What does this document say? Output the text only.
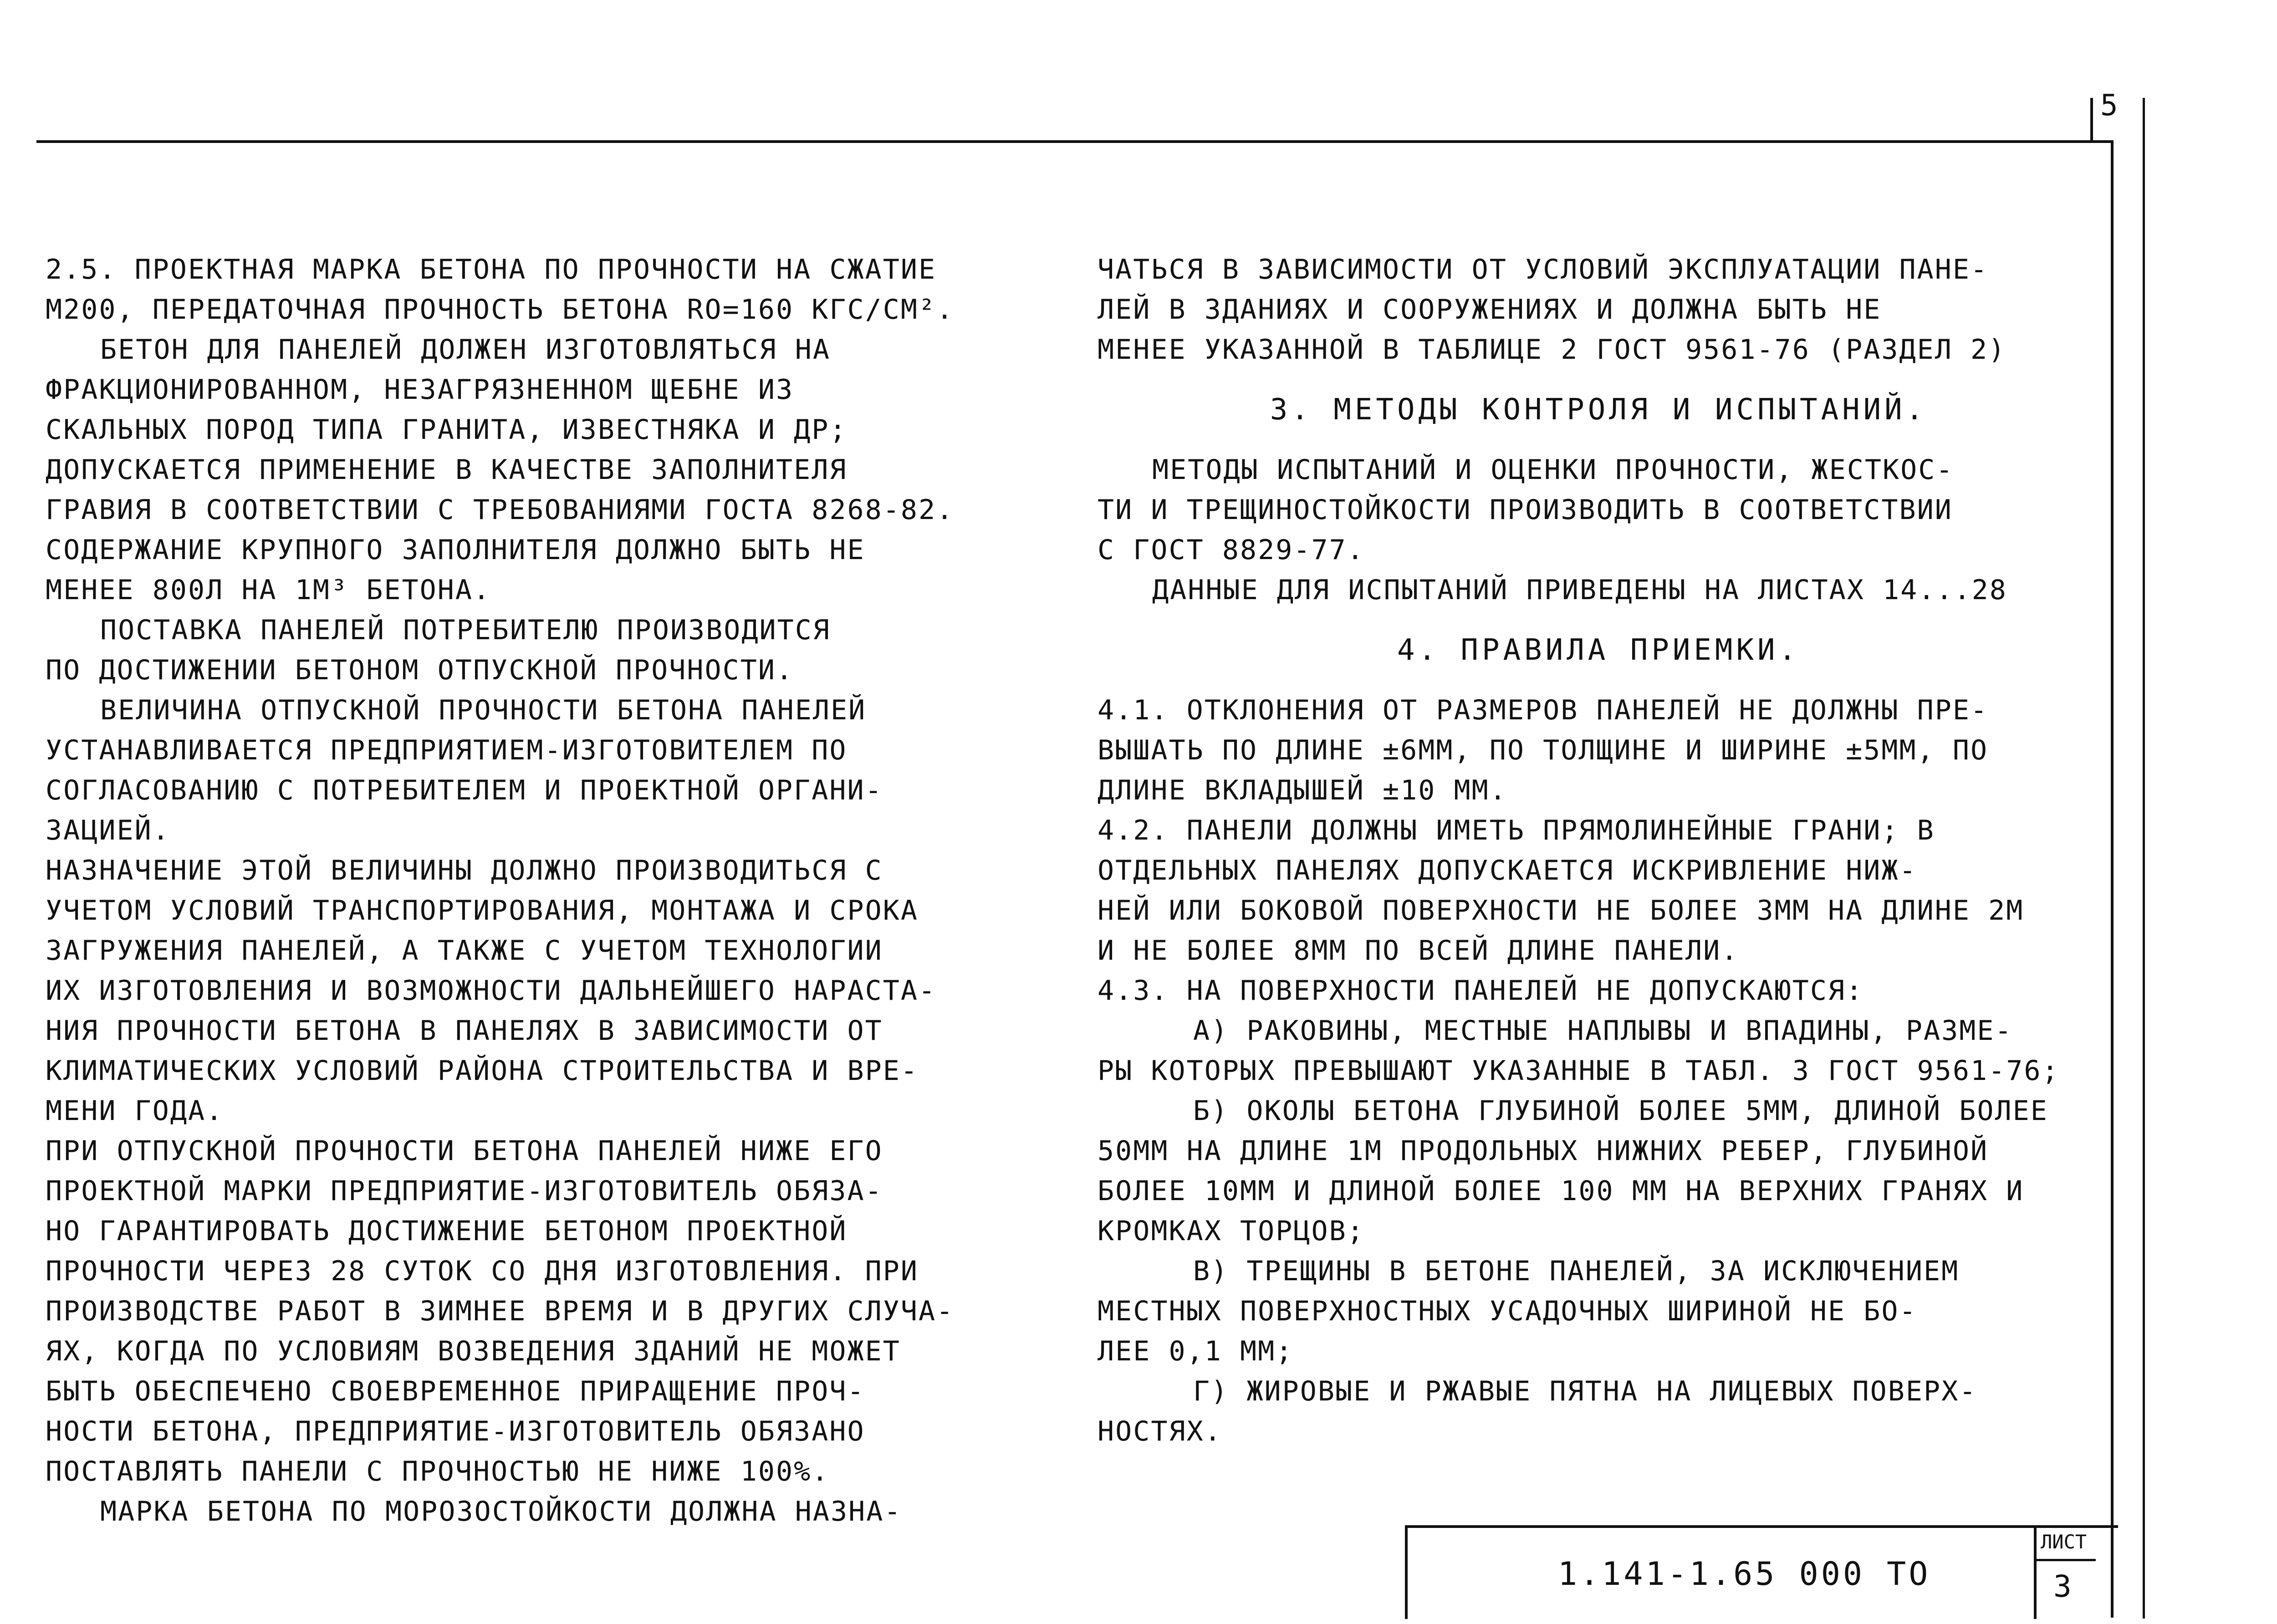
5

2.5. ПРОЕКТНАЯ МАРКА БЕТОНА ПО ПРОЧНОСТИ НА СЖАТИЕ

М200, ПЕРЕДАТОЧНАЯ ПРОЧНОСТЬ БЕТОНА RO=160 КГС/СМ².

БЕТОН ДЛЯ ПАНЕЛЕЙ ДОЛЖЕН ИЗГОТОВЛЯТЬСЯ НА

ФРАКЦИОНИРОВАННОМ, НЕЗАГРЯЗНЕННОМ ЩЕБНЕ ИЗ

СКАЛЬНЫХ ПОРОД ТИПА ГРАНИТА, ИЗВЕСТНЯКА И ДР;

ДОПУСКАЕТСЯ ПРИМЕНЕНИЕ В КАЧЕСТВЕ ЗАПОЛНИТЕЛЯ

ГРАВИЯ В СООТВЕТСТВИИ С ТРЕБОВАНИЯМИ ГОСТА 8268-82.

СОДЕРЖАНИЕ КРУПНОГО ЗАПОЛНИТЕЛЯ ДОЛЖНО БЫТЬ НЕ

МЕНЕЕ 800Л НА 1М³ БЕТОНА.

ПОСТАВКА ПАНЕЛЕЙ ПОТРЕБИТЕЛЮ ПРОИЗВОДИТСЯ

ПО ДОСТИЖЕНИИ БЕТОНОМ ОТПУСКНОЙ ПРОЧНОСТИ.

ВЕЛИЧИНА ОТПУСКНОЙ ПРОЧНОСТИ БЕТОНА ПАНЕЛЕЙ

УСТАНАВЛИВАЕТСЯ ПРЕДПРИЯТИЕМ-ИЗГОТОВИТЕЛЕМ ПО

СОГЛАСОВАНИЮ С ПОТРЕБИТЕЛЕМ И ПРОЕКТНОЙ ОРГАНИ-

ЗАЦИЕЙ.

НАЗНАЧЕНИЕ ЭТОЙ ВЕЛИЧИНЫ ДОЛЖНО ПРОИЗВОДИТЬСЯ С

УЧЕТОМ УСЛОВИЙ ТРАНСПОРТИРОВАНИЯ, МОНТАЖА И СРОКА

ЗАГРУЖЕНИЯ ПАНЕЛЕЙ, А ТАКЖЕ С УЧЕТОМ ТЕХНОЛОГИИ

ИХ ИЗГОТОВЛЕНИЯ И ВОЗМОЖНОСТИ ДАЛЬНЕЙШЕГО НАРАСТА-

НИЯ ПРОЧНОСТИ БЕТОНА В ПАНЕЛЯХ В ЗАВИСИМОСТИ ОТ

КЛИМАТИЧЕСКИХ УСЛОВИЙ РАЙОНА СТРОИТЕЛЬСТВА И ВРЕ-

МЕНИ ГОДА.

ПРИ ОТПУСКНОЙ ПРОЧНОСТИ БЕТОНА ПАНЕЛЕЙ НИЖЕ ЕГО

ПРОЕКТНОЙ МАРКИ ПРЕДПРИЯТИЕ-ИЗГОТОВИТЕЛЬ ОБЯЗА-

НО ГАРАНТИРОВАТЬ ДОСТИЖЕНИЕ БЕТОНОМ ПРОЕКТНОЙ

ПРОЧНОСТИ ЧЕРЕЗ 28 СУТОК СО ДНЯ ИЗГОТОВЛЕНИЯ. ПРИ

ПРОИЗВОДСТВЕ РАБОТ В ЗИМНЕЕ ВРЕМЯ И В ДРУГИХ СЛУЧА-

ЯХ, КОГДА ПО УСЛОВИЯМ ВОЗВЕДЕНИЯ ЗДАНИЙ НЕ МОЖЕТ

БЫТЬ ОБЕСПЕЧЕНО СВОЕВРЕМЕННОЕ ПРИРАЩЕНИЕ ПРОЧ-

НОСТИ БЕТОНА, ПРЕДПРИЯТИЕ-ИЗГОТОВИТЕЛЬ ОБЯЗАНО

ПОСТАВЛЯТЬ ПАНЕЛИ С ПРОЧНОСТЬЮ НЕ НИЖЕ 100%.

МАРКА БЕТОНА ПО МОРОЗОСТОЙКОСТИ ДОЛЖНА НАЗНА-

ЧАТЬСЯ В ЗАВИСИМОСТИ ОТ УСЛОВИЙ ЭКСПЛУАТАЦИИ ПАНЕ-

ЛЕЙ В ЗДАНИЯХ И СООРУЖЕНИЯХ И ДОЛЖНА БЫТЬ НЕ

МЕНЕЕ УКАЗАННОЙ В ТАБЛИЦЕ 2 ГОСТ 9561-76 (РАЗДЕЛ 2)

3. МЕТОДЫ КОНТРОЛЯ И ИСПЫТАНИЙ.

МЕТОДЫ ИСПЫТАНИЙ И ОЦЕНКИ ПРОЧНОСТИ, ЖЕСТКОС-

ТИ И ТРЕЩИНОСТОЙКОСТИ ПРОИЗВОДИТЬ В СООТВЕТСТВИИ

С ГОСТ 8829-77.

ДАННЫЕ ДЛЯ ИСПЫТАНИЙ ПРИВЕДЕНЫ НА ЛИСТАХ 14...28

4. ПРАВИЛА ПРИЕМКИ.

4.1. ОТКЛОНЕНИЯ ОТ РАЗМЕРОВ ПАНЕЛЕЙ НЕ ДОЛЖНЫ ПРЕ-

ВЫШАТЬ ПО ДЛИНЕ ±6ММ, ПО ТОЛЩИНЕ И ШИРИНЕ ±5ММ, ПО

ДЛИНЕ ВКЛАДЫШЕЙ ±10 ММ.

4.2. ПАНЕЛИ ДОЛЖНЫ ИМЕТЬ ПРЯМОЛИНЕЙНЫЕ ГРАНИ; В

ОТДЕЛЬНЫХ ПАНЕЛЯХ ДОПУСКАЕТСЯ ИСКРИВЛЕНИЕ НИЖ-

НЕЙ ИЛИ БОКОВОЙ ПОВЕРХНОСТИ НЕ БОЛЕЕ 3ММ НА ДЛИНЕ 2М

И НЕ БОЛЕЕ 8ММ ПО ВСЕЙ ДЛИНЕ ПАНЕЛИ.

4.3. НА ПОВЕРХНОСТИ ПАНЕЛЕЙ НЕ ДОПУСКАЮТСЯ:

А) РАКОВИНЫ, МЕСТНЫЕ НАПЛЫВЫ И ВПАДИНЫ, РАЗМЕ-

РЫ КОТОРЫХ ПРЕВЫШАЮТ УКАЗАННЫЕ В ТАБЛ. 3 ГОСТ 9561-76;

Б) ОКОЛЫ БЕТОНА ГЛУБИНОЙ БОЛЕЕ 5ММ, ДЛИНОЙ БОЛЕЕ

50ММ НА ДЛИНЕ 1М ПРОДОЛЬНЫХ НИЖНИХ РЕБЕР, ГЛУБИНОЙ

БОЛЕЕ 10ММ И ДЛИНОЙ БОЛЕЕ 100 ММ НА ВЕРХНИХ ГРАНЯХ И

КРОМКАХ ТОРЦОВ;

В) ТРЕЩИНЫ В БЕТОНЕ ПАНЕЛЕЙ, ЗА ИСКЛЮЧЕНИЕМ

МЕСТНЫХ ПОВЕРХНОСТНЫХ УСАДОЧНЫХ ШИРИНОЙ НЕ БО-

ЛЕЕ 0,1 ММ;

Г) ЖИРОВЫЕ И РЖАВЫЕ ПЯТНА НА ЛИЦЕВЫХ ПОВЕРХ-

НОСТЯХ.

1.141-1.65 000 ТО
ЛИСТ
3
